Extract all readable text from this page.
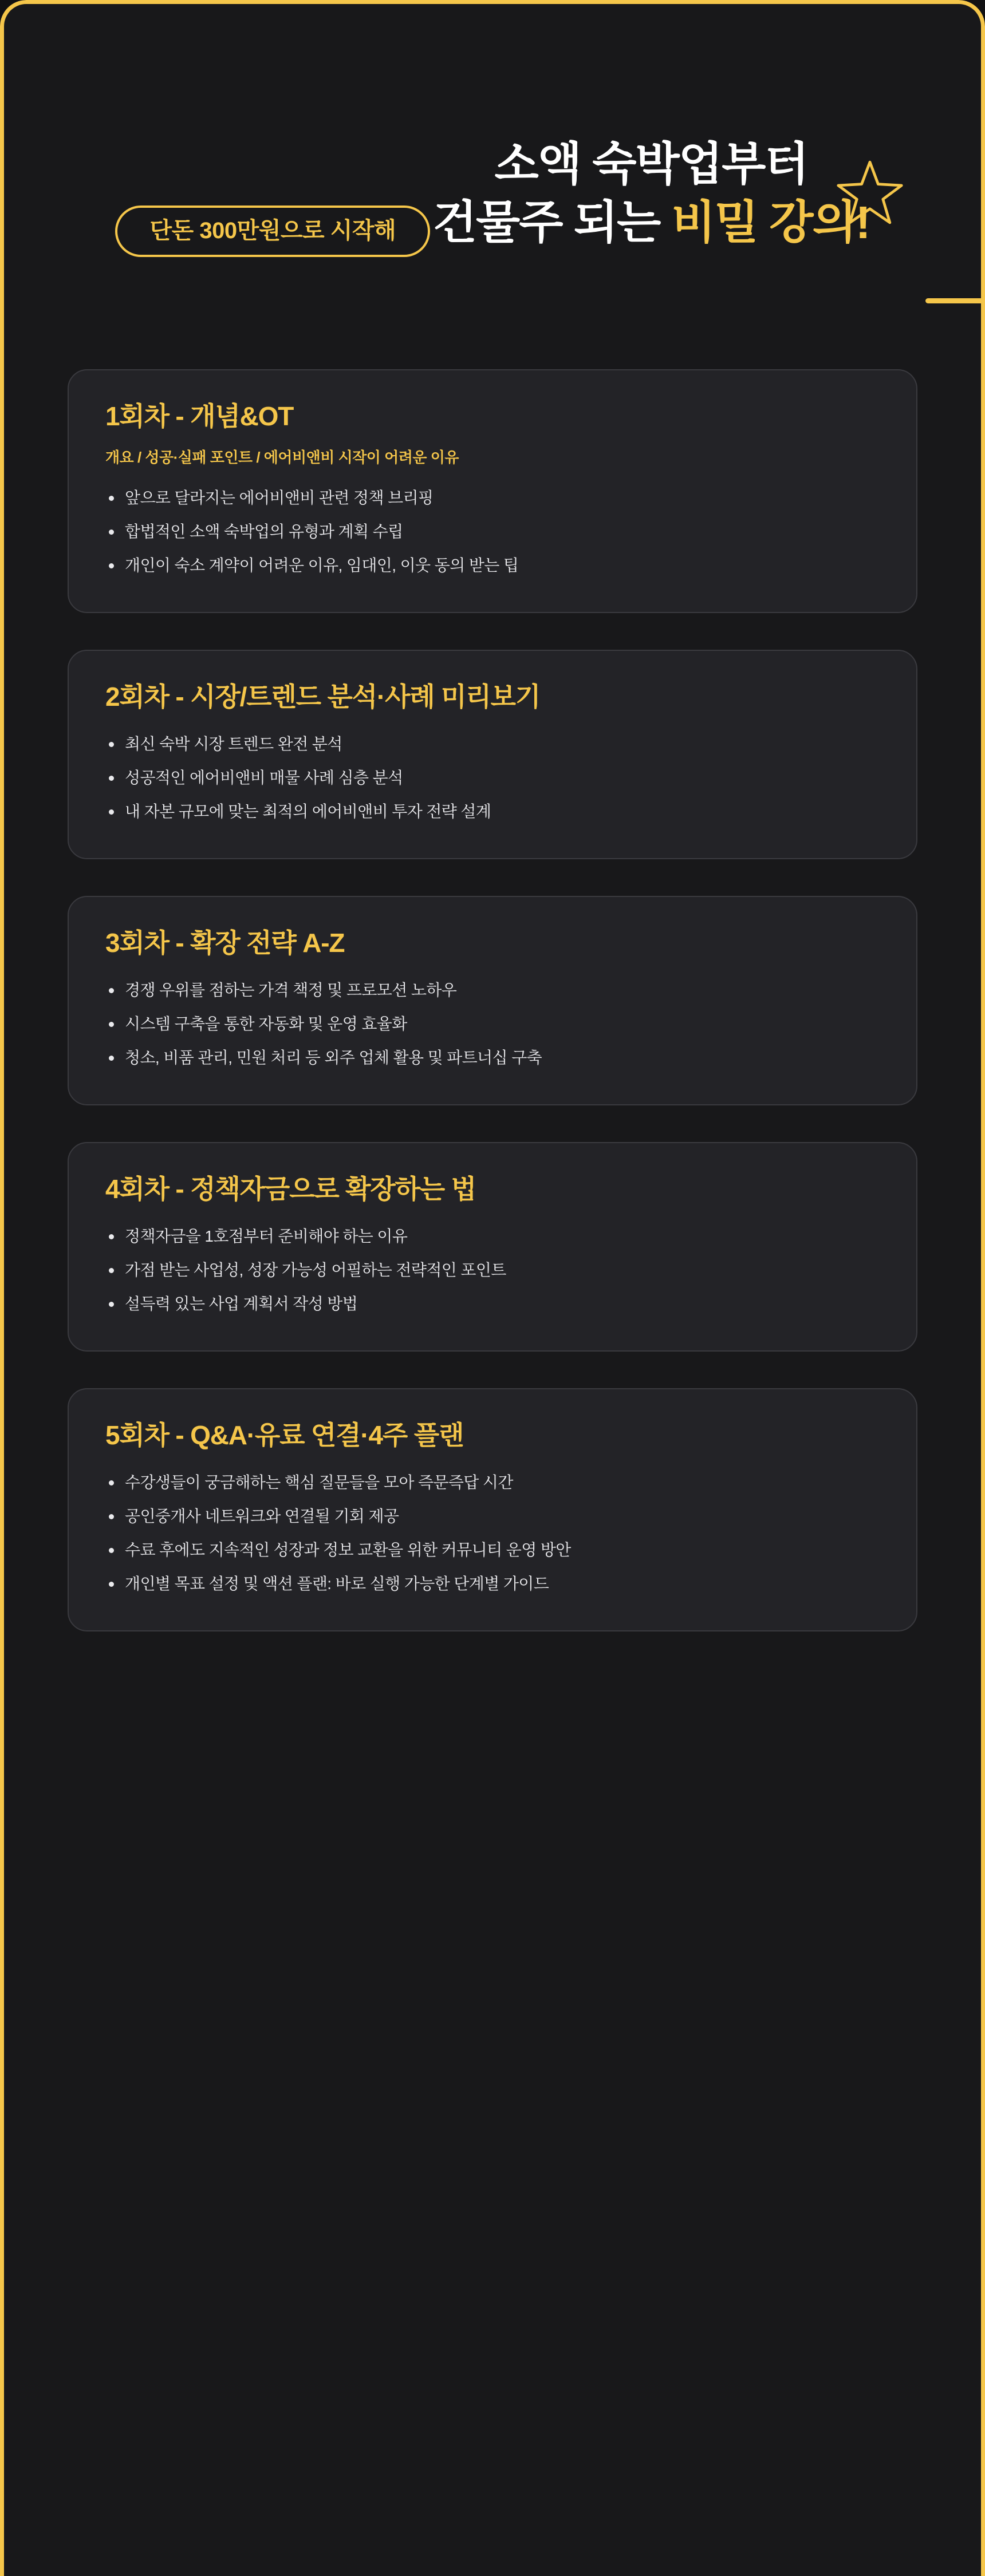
단돈 300만원으로 시작해
소액 숙박업부터
건물주 되는 비밀 강의!
1회차 - 개념&OT
개요 / 성공·실패 포인트 / 에어비앤비 시작이 어려운 이유
앞으로 달라지는 에어비앤비 관련 정책 브리핑
합법적인 소액 숙박업의 유형과 계획 수립
개인이 숙소 계약이 어려운 이유, 임대인, 이웃 동의 받는 팁
2회차 - 시장/트렌드 분석·사례 미리보기
최신 숙박 시장 트렌드 완전 분석
성공적인 에어비앤비 매물 사례 심층 분석
내 자본 규모에 맞는 최적의 에어비앤비 투자 전략 설계
3회차 - 확장 전략 A-Z
경쟁 우위를 점하는 가격 책정 및 프로모션 노하우
시스템 구축을 통한 자동화 및 운영 효율화
청소, 비품 관리, 민원 처리 등 외주 업체 활용 및 파트너십 구축
4회차 - 정책자금으로 확장하는 법
정책자금을 1호점부터 준비해야 하는 이유
가점 받는 사업성, 성장 가능성 어필하는 전략적인 포인트
설득력 있는 사업 계획서 작성 방법
5회차 - Q&A·유료 연결·4주 플랜
수강생들이 궁금해하는 핵심 질문들을 모아 즉문즉답 시간
공인중개사 네트워크와 연결될 기회 제공
수료 후에도 지속적인 성장과 정보 교환을 위한 커뮤니티 운영 방안
개인별 목표 설정 및 액션 플랜: 바로 실행 가능한 단계별 가이드
